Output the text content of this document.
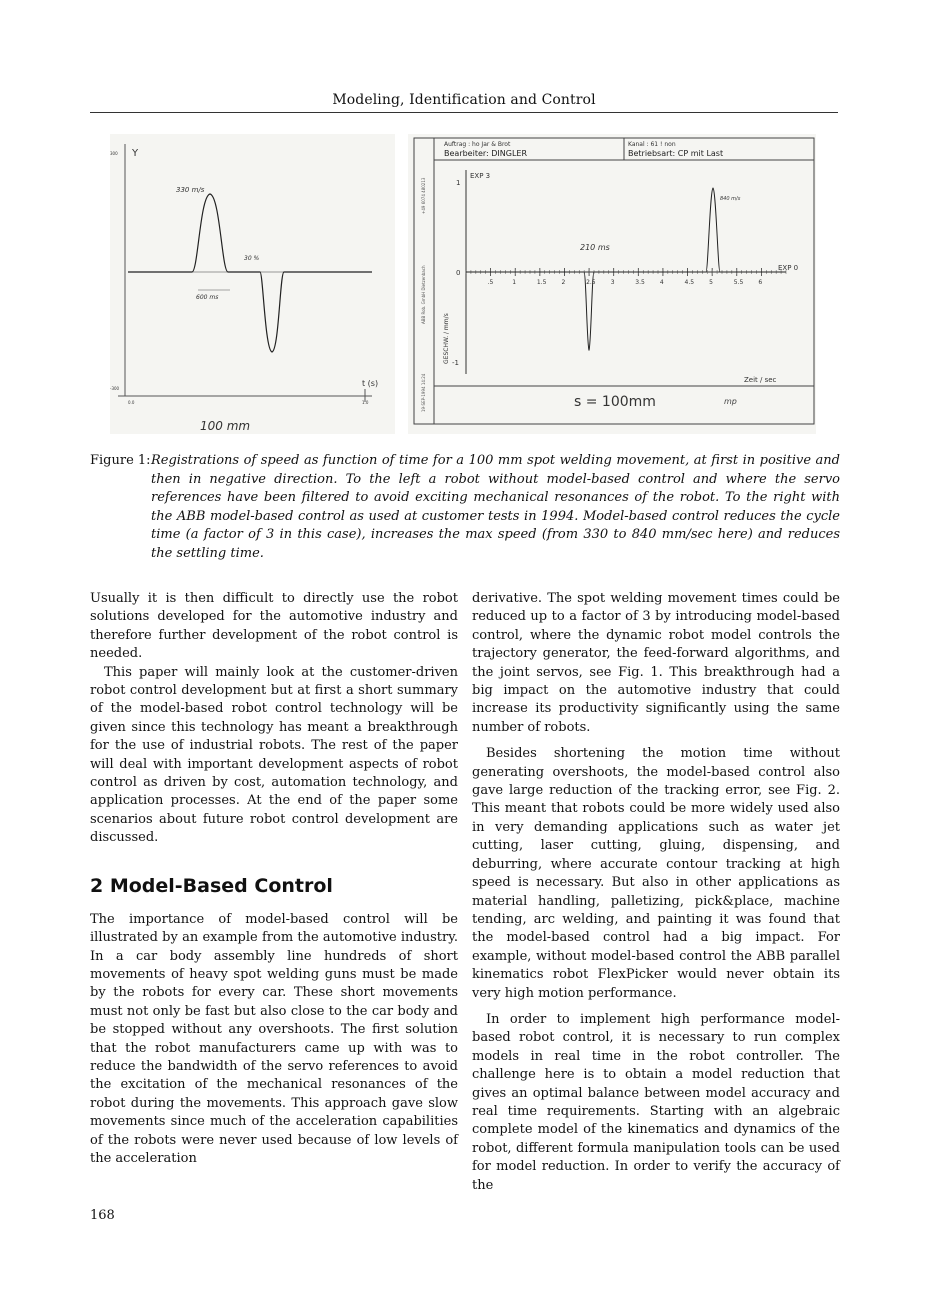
Modeling, Identification and Control
Y
300
-300
0.0	1.0
t (s)
330 m/s
30 %
600 ms
100 mm
Auftrag : ho Jar & Brot
Bearbeiter: DINGLER
Kanal : 61 ! non
Betriebsart: CP mit Last
ABB Rob. GmbH Dietzenbach
+49 6074 480213
19-SEP-1994 14:24
GESCHW. / mm/s
1
0
-1
EXP 3
EXP 0
.5	1	1.5	2	2.5	3	3.5	4	4.5	5	5.5	6
210 ms
840 m/s
Zeit / sec
s = 100mm	mp
Figure 1: Registrations of speed as function of time for a 100 mm spot welding movement, at first in positive and then in negative direction. To the left a robot without model-based control and where the servo references have been filtered to avoid exciting mechanical resonances of the robot. To the right with the ABB model-based control as used at customer tests in 1994. Model-based control reduces the cycle time (a factor of 3 in this case), increases the max speed (from 330 to 840 mm/sec here) and reduces the settling time.

Usually it is then difficult to directly use the robot solutions developed for the automotive industry and therefore further development of the robot control is needed.

This paper will mainly look at the customer-driven robot control development but at first a short summary of the model-based robot control technology will be given since this technology has meant a breakthrough for the use of industrial robots. The rest of the paper will deal with important development aspects of robot control as driven by cost, automation technology, and application processes. At the end of the paper some scenarios about future robot control development are discussed.

2 Model-Based Control

The importance of model-based control will be illustrated by an example from the automotive industry. In a car body assembly line hundreds of short movements of heavy spot welding guns must be made by the robots for every car. These short movements must not only be fast but also close to the car body and be stopped without any overshoots. The first solution that the robot manufacturers came up with was to reduce the bandwidth of the servo references to avoid the excitation of the mechanical resonances of the robot during the movements. This approach gave slow movements since much of the acceleration capabilities of the robots were never used because of low levels of the acceleration

derivative. The spot welding movement times could be reduced up to a factor of 3 by introducing model-based control, where the dynamic robot model controls the trajectory generator, the feed-forward algorithms, and the joint servos, see Fig. 1. This breakthrough had a big impact on the automotive industry that could increase its productivity significantly using the same number of robots.

Besides shortening the motion time without generating overshoots, the model-based control also gave large reduction of the tracking error, see Fig. 2. This meant that robots could be more widely used also in very demanding applications such as water jet cutting, laser cutting, gluing, dispensing, and deburring, where accurate contour tracking at high speed is necessary. But also in other applications as material handling, palletizing, pick&place, machine tending, arc welding, and painting it was found that the model-based control had a big impact. For example, without model-based control the ABB parallel kinematics robot FlexPicker would never obtain its very high motion performance.

In order to implement high performance model-based robot control, it is necessary to run complex models in real time in the robot controller. The challenge here is to obtain a model reduction that gives an optimal balance between model accuracy and real time requirements. Starting with an algebraic complete model of the kinematics and dynamics of the robot, different formula manipulation tools can be used for model reduction. In order to verify the accuracy of the

168
